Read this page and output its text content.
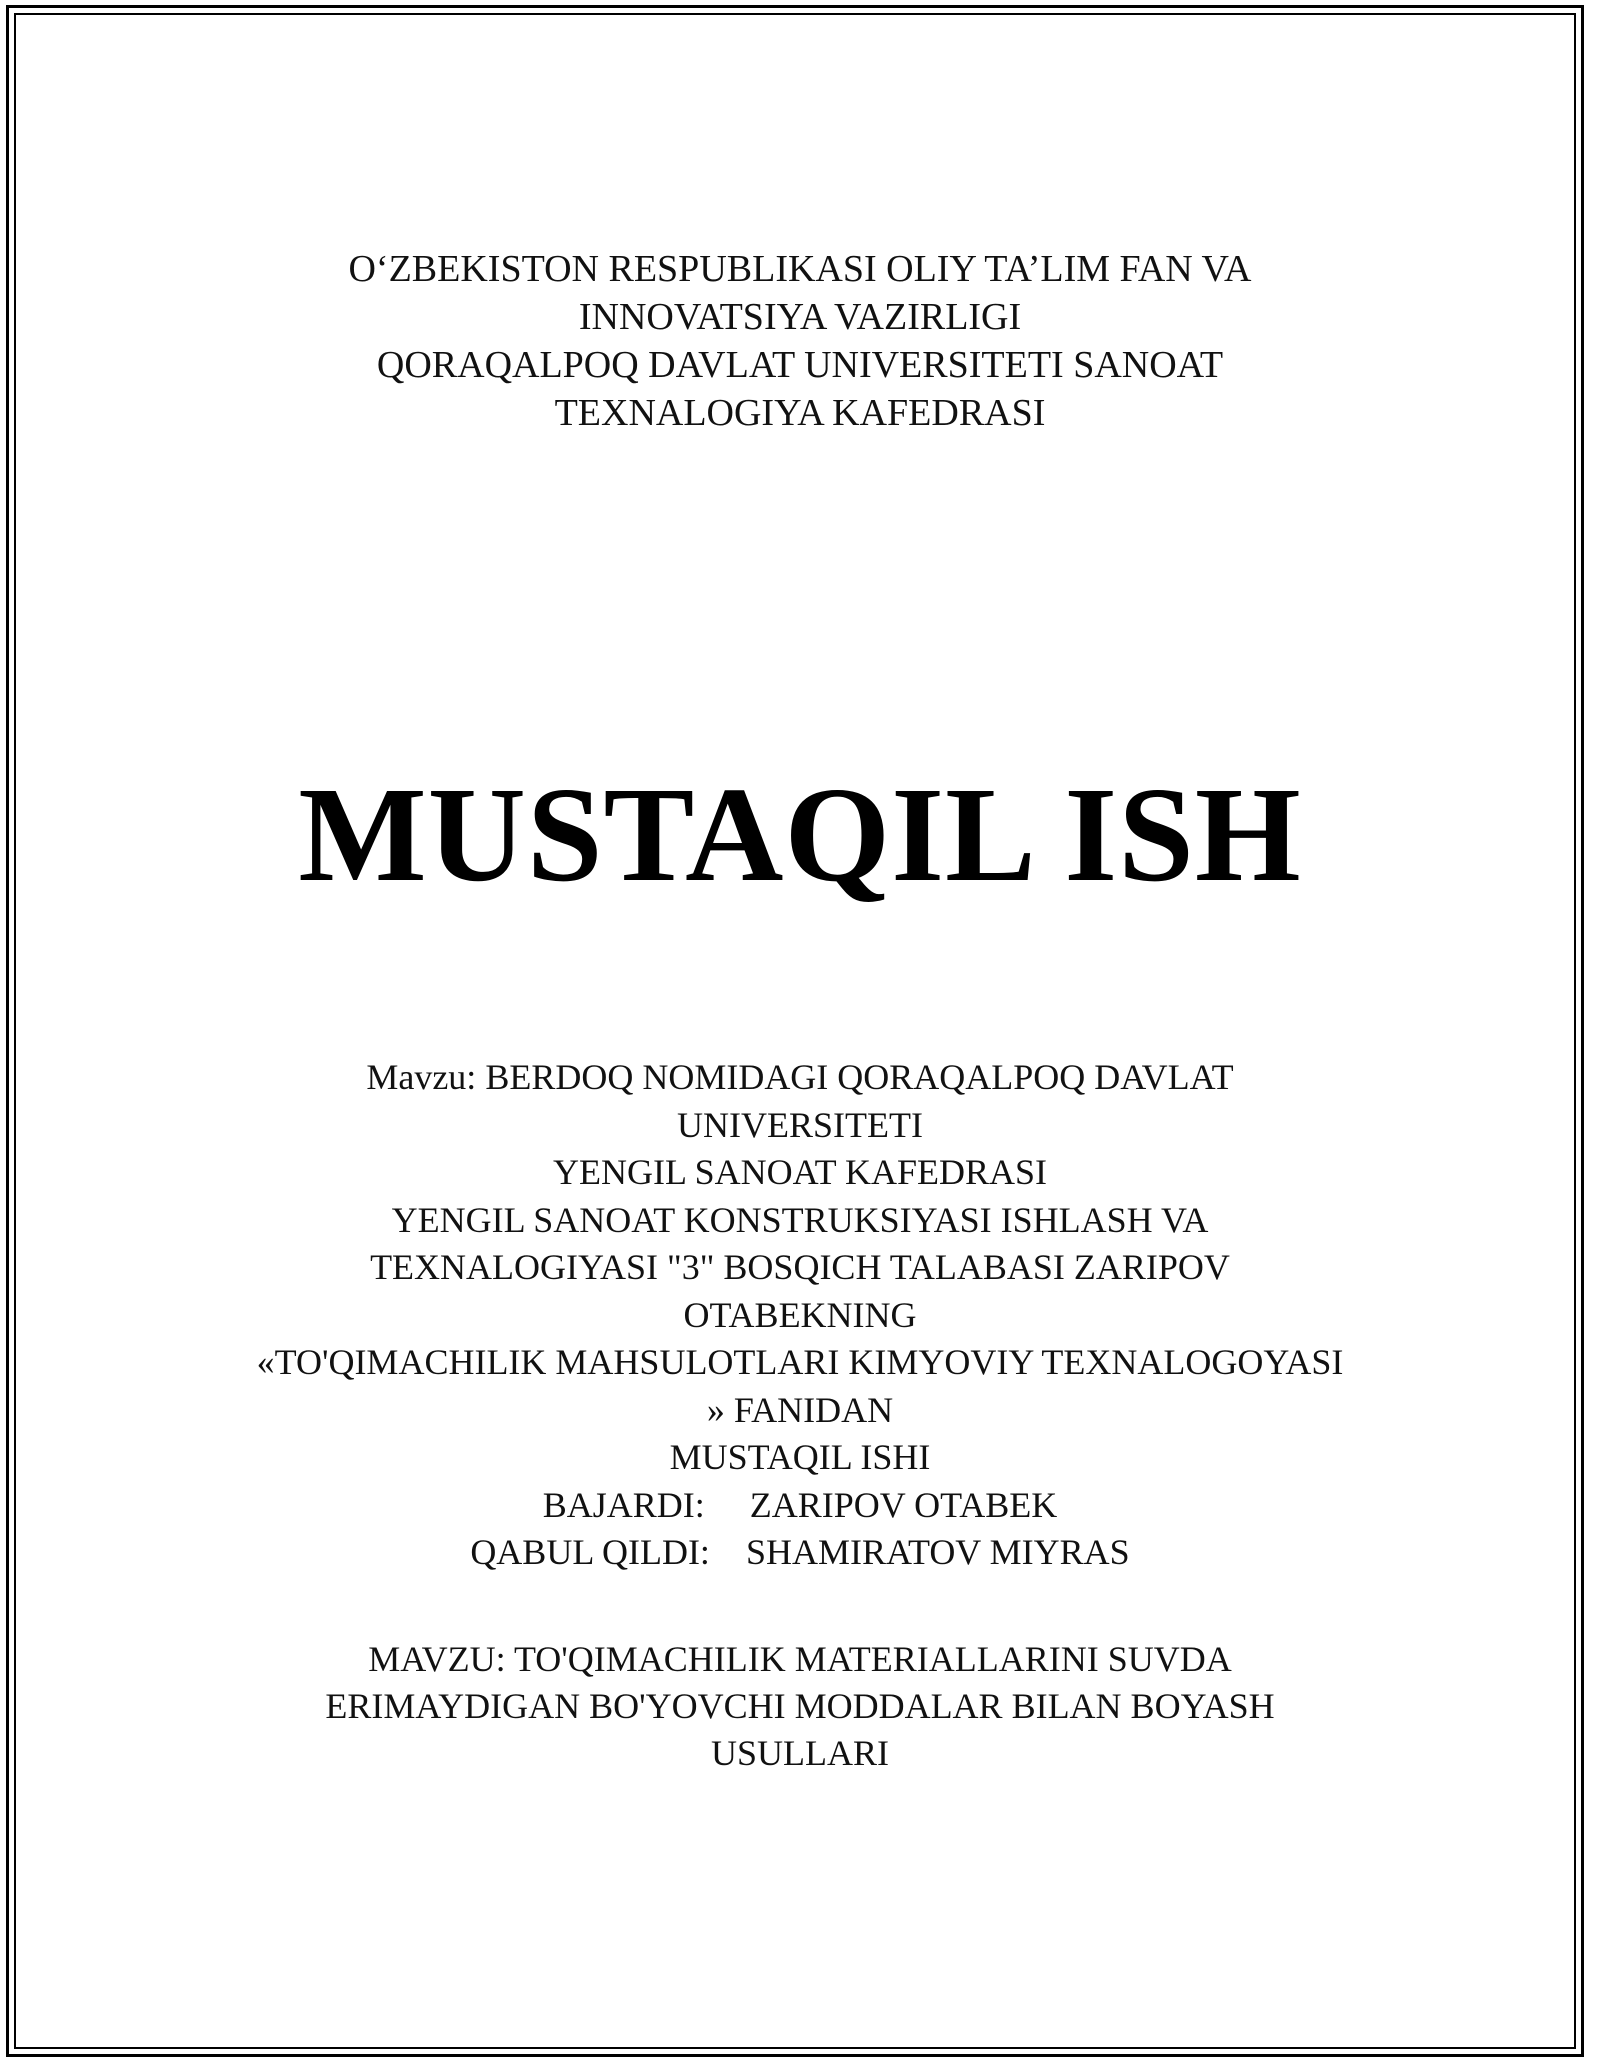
O‘ZBEKISTON RESPUBLIKASI OLIY TA’LIM FAN VA
INNOVATSIYA VAZIRLIGI
QORAQALPOQ DAVLAT UNIVERSITETI SANOAT
TEXNALOGIYA KAFEDRASI
MUSTAQIL ISH
Mavzu: BERDOQ NOMIDAGI QORAQALPOQ DAVLAT
UNIVERSITETI
YENGIL SANOAT KAFEDRASI
YENGIL SANOAT KONSTRUKSIYASI ISHLASH VA
TEXNALOGIYASI "3" BOSQICH TALABASI ZARIPOV
OTABEKNING
«TO'QIMACHILIK MAHSULOTLARI KIMYOVIY TEXNALOGOYASI
» FANIDAN
MUSTAQIL ISHI
BAJARDI: ZARIPOV OTABEK
QABUL QILDI: SHAMIRATOV MIYRAS
MAVZU: TO'QIMACHILIK MATERIALLARINI SUVDA
ERIMAYDIGAN BO'YOVCHI MODDALAR BILAN BOYASH
USULLARI
